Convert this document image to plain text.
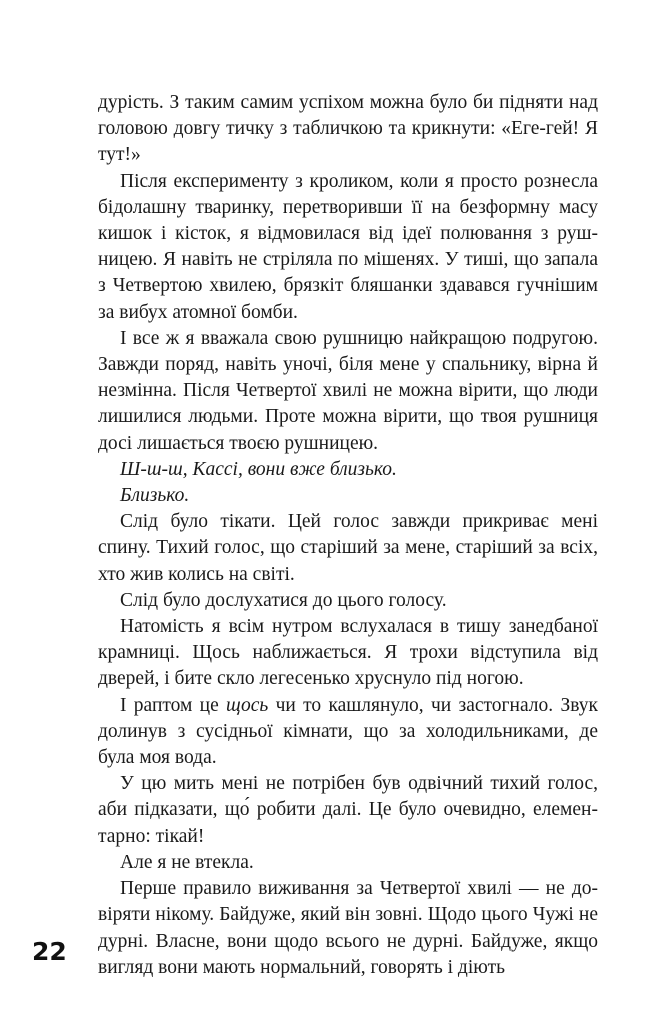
дурість. З таким самим успіхом можна було би підняти над головою довгу тичку з табличкою та крикнути: «Еге-гей! Я тут!»

Після експерименту з кроликом, коли я просто рознесла бідолашну тваринку, перетворивши її на безформну масу кишок і кісток, я відмовилася від ідеї полювання з рушницею. Я навіть не стріляла по мішенях. У тиші, що запала з Четвертою хвилею, брязкіт бляшанки здавався гучнішим за вибух атомної бомби.

І все ж я вважала свою рушницю найкращою подругою. Завжди поряд, навіть уночі, біля мене у спальнику, вірна й незмінна. Після Четвертої хвилі не можна вірити, що люди лишилися людьми. Проте можна вірити, що твоя рушниця досі лишається твоєю рушницею.

Ш-ш-ш, Кассі, вони вже близько.

Близько.

Слід було тікати. Цей голос завжди прикриває мені спину. Тихий голос, що старіший за мене, старіший за всіх, хто жив колись на світі.

Слід було дослухатися до цього голосу.

Натомість я всім нутром вслухалася в тишу занедбаної крамниці. Щось наближається. Я трохи відступила від дверей, і бите скло легесенько хруснуло під ногою.

І раптом це щось чи то кашлянуло, чи застогнало. Звук долинув з сусідньої кімнати, що за холодильниками, де була моя вода.

У цю мить мені не потрібен був одвічний тихий голос, аби підказати, що́ робити далі. Це було очевидно, елементарно: тікай!

Але я не втекла.

Перше правило виживання за Четвертої хвилі — не довіряти нікому. Байдуже, який він зовні. Щодо цього Чужі не дурні. Власне, вони щодо всього не дурні. Байдуже, якщо вигляд вони мають нормальний, говорять і діють

22
